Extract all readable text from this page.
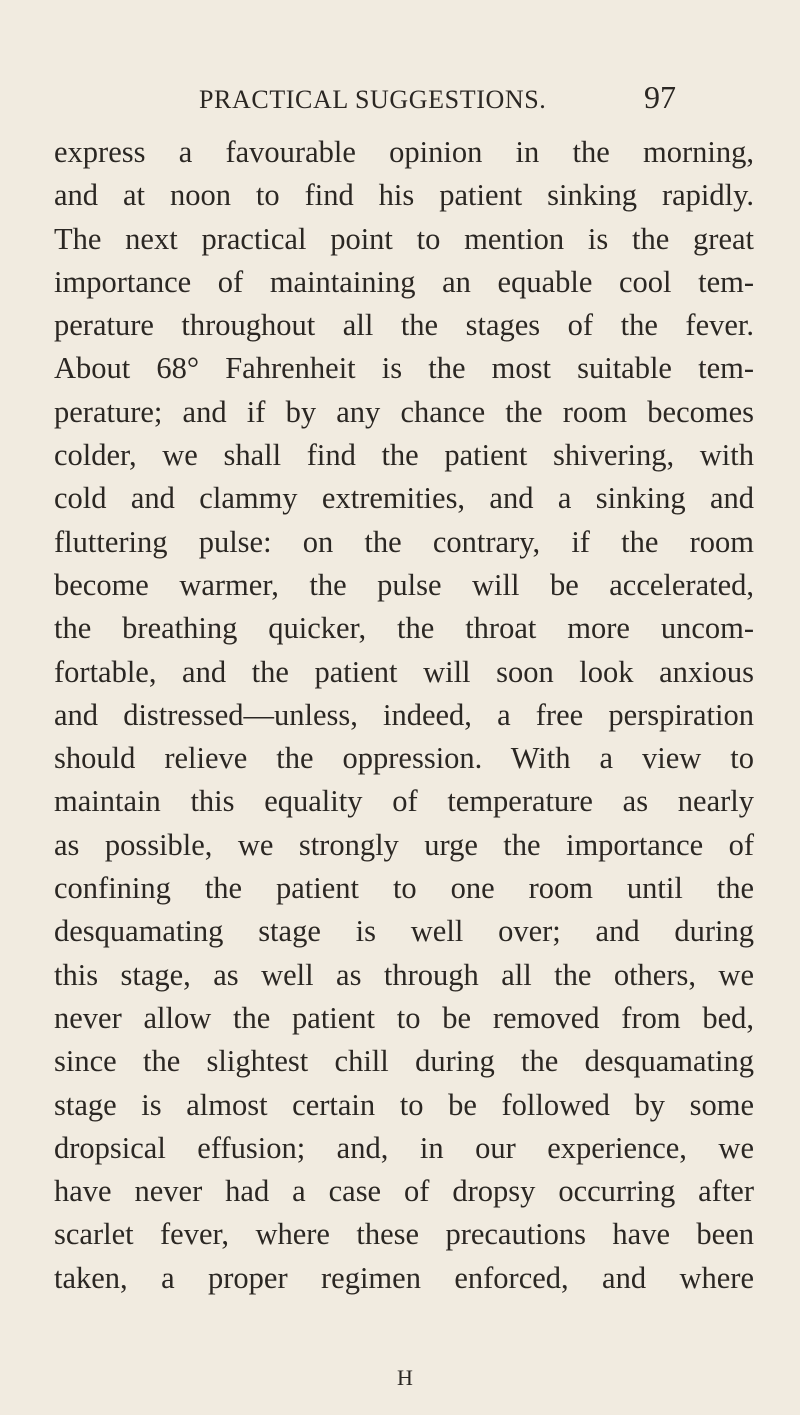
PRACTICAL SUGGESTIONS.	97
express a favourable opinion in the morning,
and at noon to find his patient sinking rapidly.
The next practical point to mention is the great
importance of maintaining an equable cool tem-
perature throughout all the stages of the fever.
About 68° Fahrenheit is the most suitable tem-
perature; and if by any chance the room becomes
colder, we shall find the patient shivering, with
cold and clammy extremities, and a sinking and
fluttering pulse: on the contrary, if the room
become warmer, the pulse will be accelerated,
the breathing quicker, the throat more uncom-
fortable, and the patient will soon look anxious
and distressed—unless, indeed, a free perspiration
should relieve the oppression. With a view to
maintain this equality of temperature as nearly
as possible, we strongly urge the importance of
confining the patient to one room until the
desquamating stage is well over; and during
this stage, as well as through all the others, we
never allow the patient to be removed from bed,
since the slightest chill during the desquamating
stage is almost certain to be followed by some
dropsical effusion; and, in our experience, we
have never had a case of dropsy occurring after
scarlet fever, where these precautions have been
taken, a proper regimen enforced, and where
H
